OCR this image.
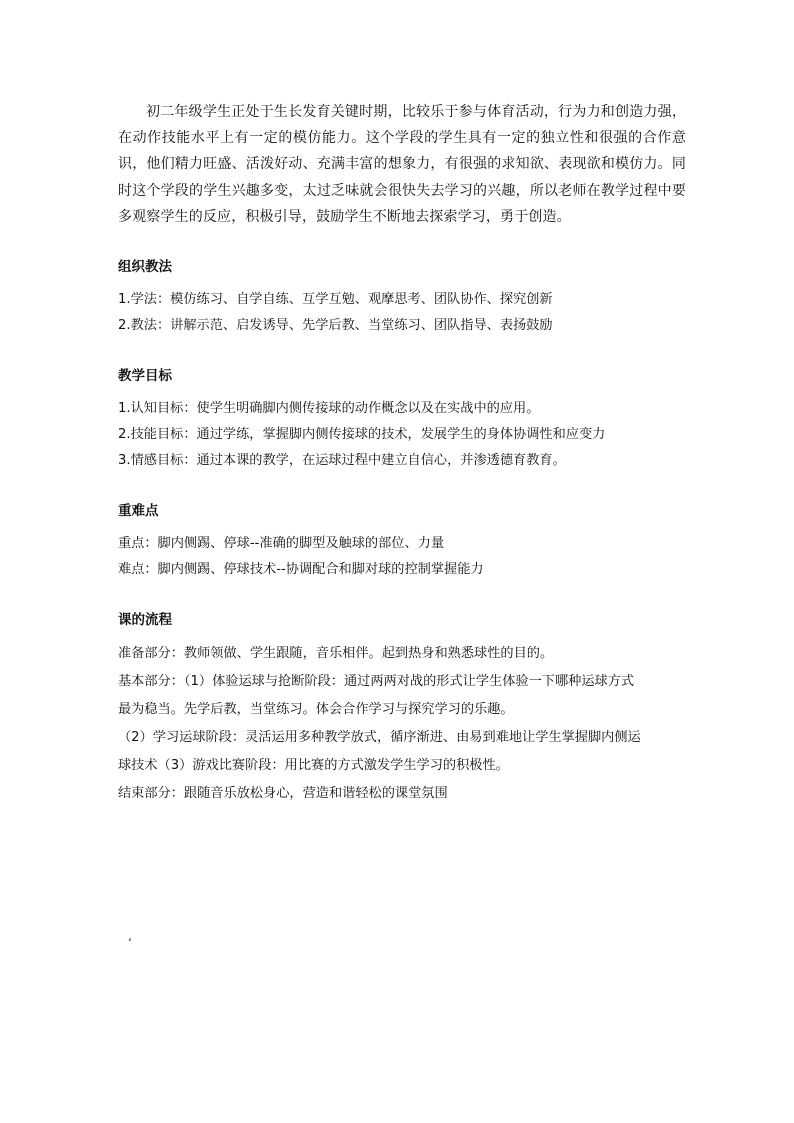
初二年级学生正处于生长发育关键时期，比较乐于参与体育活动，行为力和创造力强，在动作技能水平上有一定的模仿能力。这个学段的学生具有一定的独立性和很强的合作意识，他们精力旺盛、活泼好动、充满丰富的想象力，有很强的求知欲、表现欲和模仿力。同时这个学段的学生兴趣多变，太过乏味就会很快失去学习的兴趣，所以老师在教学过程中要多观察学生的反应，积极引导，鼓励学生不断地去探索学习，勇于创造。

组织教法

1.学法：模仿练习、自学自练、互学互勉、观摩思考、团队协作、探究创新

2.教法：讲解示范、启发诱导、先学后教、当堂练习、团队指导、表扬鼓励

教学目标

1.认知目标：使学生明确脚内侧传接球的动作概念以及在实战中的应用。

2.技能目标：通过学练，掌握脚内侧传接球的技术，发展学生的身体协调性和应变力

3.情感目标：通过本课的教学，在运球过程中建立自信心，并渗透德育教育。

重难点

重点：脚内侧踢、停球--准确的脚型及触球的部位、力量

难点：脚内侧踢、停球技术--协调配合和脚对球的控制掌握能力

课的流程

准备部分：教师领做、学生跟随，音乐相伴。起到热身和熟悉球性的目的。

基本部分：（1）体验运球与抢断阶段：通过两两对战的形式让学生体验一下哪种运球方式

最为稳当。先学后教，当堂练习。体会合作学习与探究学习的乐趣。

（2）学习运球阶段：灵活运用多种教学放式，循序渐进、由易到难地让学生掌握脚内侧运

球技术（3）游戏比赛阶段：用比赛的方式激发学生学习的积极性。

结束部分：跟随音乐放松身心，营造和谐轻松的课堂氛围

‘
